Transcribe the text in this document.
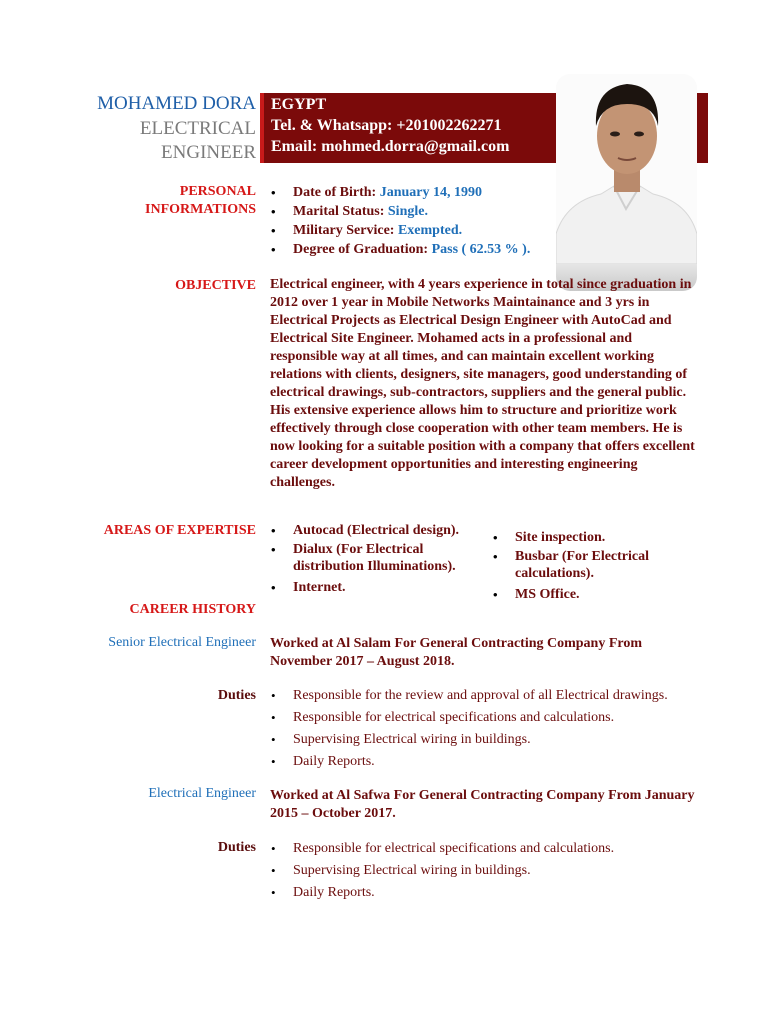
MOHAMED DORA
ELECTRICAL
ENGINEER
EGYPT
Tel. & Whatsapp: +201002262271
Email: mohmed.dorra@gmail.com
PERSONAL
INFORMATIONS
• Date of Birth: January 14, 1990
• Marital Status: Single.
• Military Service: Exempted.
• Degree of Graduation: Pass ( 62.53 % ).
OBJECTIVE Electrical engineer, with 4 years experience in total since graduation in 2012 over 1 year in Mobile Networks Maintainance and 3 yrs in Electrical Projects as Electrical Design Engineer with AutoCad and Electrical Site Engineer. Mohamed acts in a professional and responsible way at all times, and can maintain excellent working relations with clients, designers, site managers, good understanding of electrical drawings, sub-contractors, suppliers and the general public. His extensive experience allows him to structure and prioritize work effectively through close cooperation with other team members. He is now looking for a suitable position with a company that offers excellent career development opportunities and interesting engineering challenges.
AREAS OF EXPERTISE	• Autocad (Electrical design).
• Dialux (For Electrical distribution Illuminations).
• Internet.
• Site inspection.
• Busbar (For Electrical calculations).
• MS Office.
CAREER HISTORY
Senior Electrical Engineer Worked at Al Salam For General Contracting Company From November 2017 – August 2018.
Duties	• Responsible for the review and approval of all Electrical drawings.
• Responsible for electrical specifications and calculations.
• Supervising Electrical wiring in buildings.
• Daily Reports.
Electrical Engineer Worked at Al Safwa For General Contracting Company From January 2015 – October 2017.
Duties	• Responsible for electrical specifications and calculations.
• Supervising Electrical wiring in buildings.
• Daily Reports.
